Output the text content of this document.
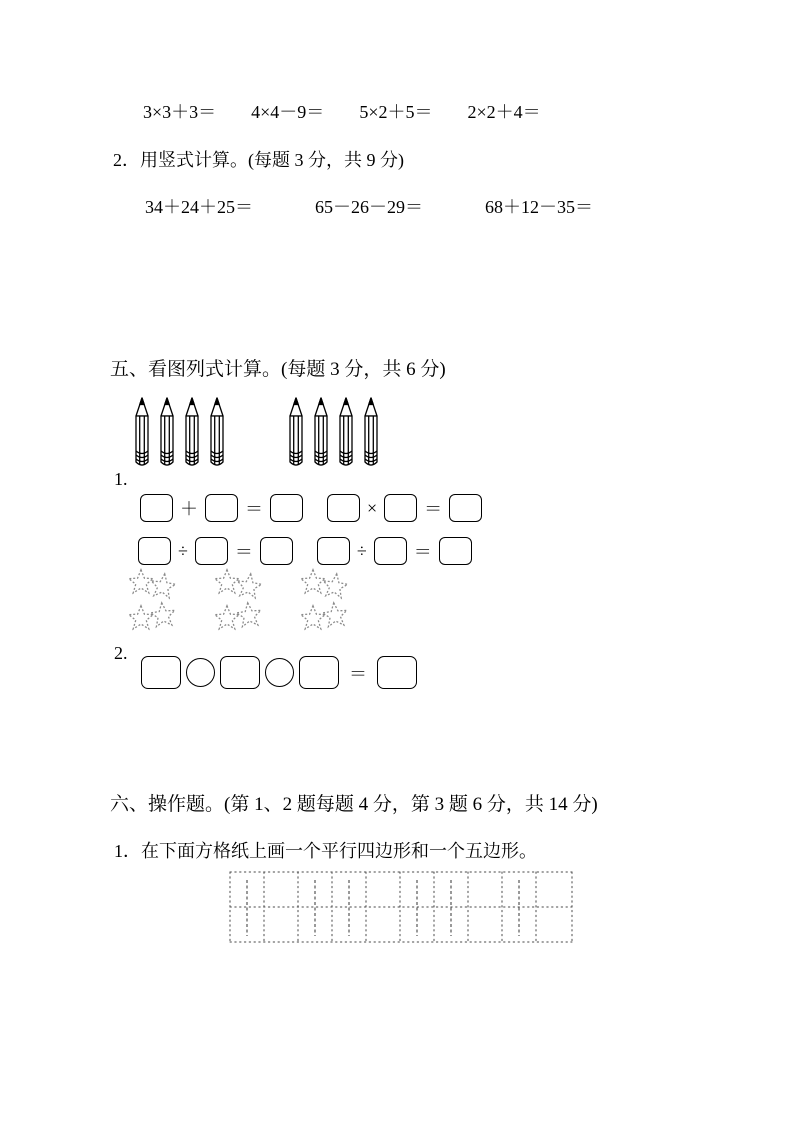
3×3＋3＝ 4×4－9＝ 5×2＋5＝ 2×2＋4＝
2．用竖式计算。(每题 3 分，共 9 分)
34＋24＋25＝	65－26－29＝	68＋12－35＝
五、看图列式计算。(每题 3 分，共 6 分)
1.
＋	＝	×	＝
÷	＝	÷	＝
2.
＝
六、操作题。(第 1、2 题每题 4 分，第 3 题 6 分，共 14 分)
1．在下面方格纸上画一个平行四边形和一个五边形。
